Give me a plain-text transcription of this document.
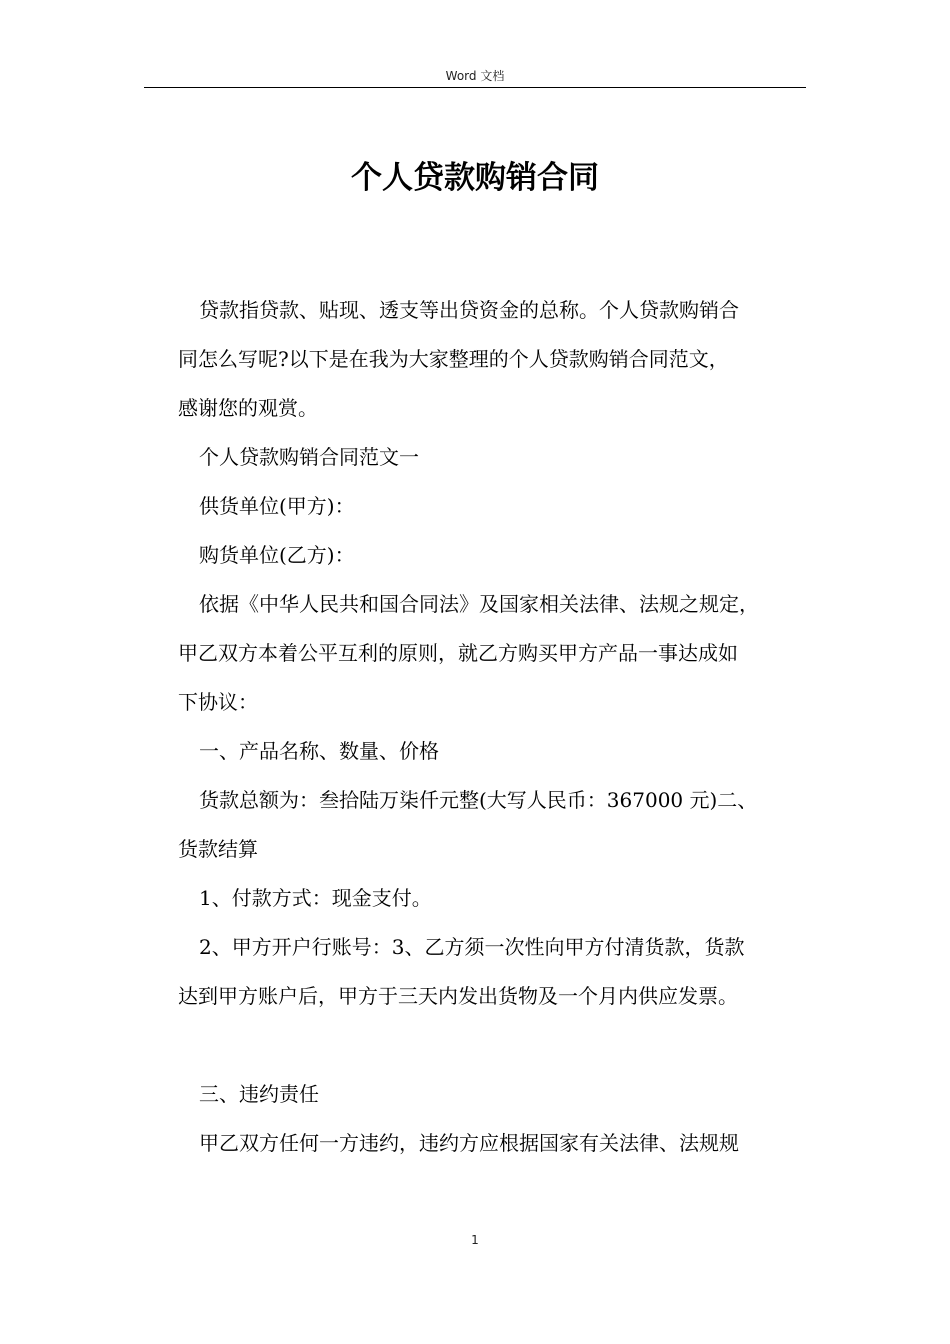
Word 文档
个人贷款购销合同
贷款指贷款、贴现、透支等出贷资金的总称。个人贷款购销合
同怎么写呢?以下是在我为大家整理的个人贷款购销合同范文，
感谢您的观赏。
个人贷款购销合同范文一
供货单位(甲方)：
购货单位(乙方)：
依据《中华人民共和国合同法》及国家相关法律、法规之规定，
甲乙双方本着公平互利的原则，就乙方购买甲方产品一事达成如
下协议：
一、产品名称、数量、价格
货款总额为：叁拾陆万柒仟元整(大写人民币：367000 元)二、
货款结算
1、付款方式：现金支付。
2、甲方开户行账号：3、乙方须一次性向甲方付清货款，货款
达到甲方账户后，甲方于三天内发出货物及一个月内供应发票。
三、违约责任
甲乙双方任何一方违约，违约方应根据国家有关法律、法规规
1
